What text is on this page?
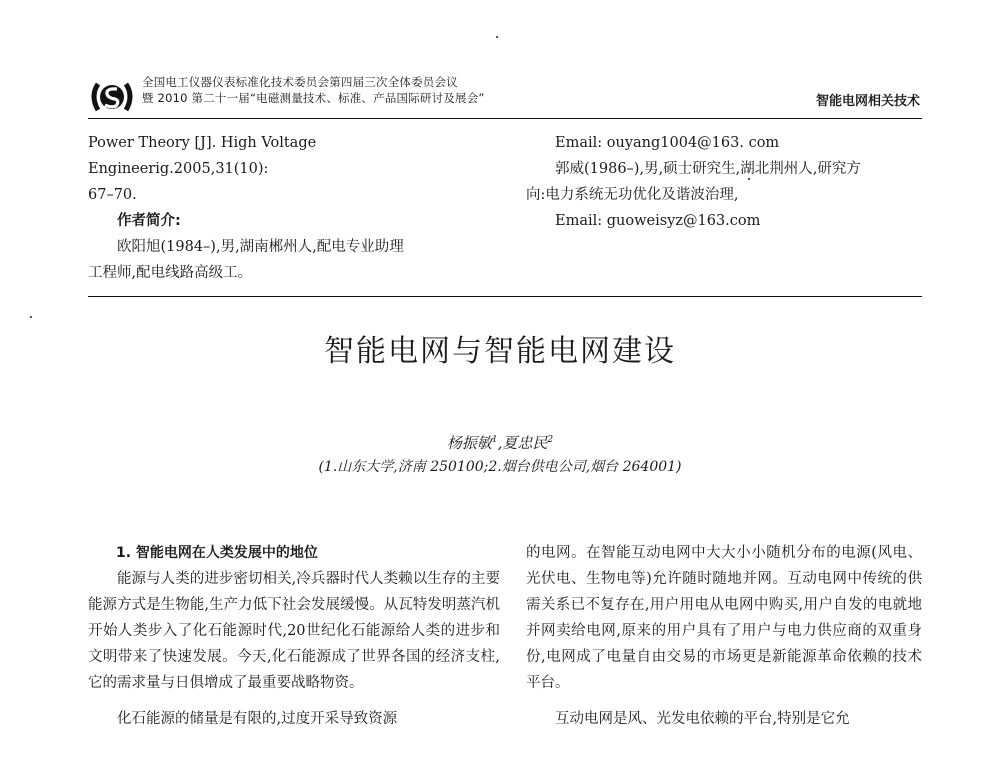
全国电工仪器仪表标准化技术委员会第四届三次全体委员会议
暨 2010 第二十一届“电磁测量技术、标准、产品国际研讨及展会”	智能电网相关技术

Power Theory [J]. High Voltage Engineerig.2005,31(10):

67–70.

作者简介:

欧阳旭(1984–),男,湖南郴州人,配电专业助理

工程师,配电线路高级工。

Email: ouyang1004@163. com

郭威(1986–),男,硕士研究生,湖北荆州人,研究方

向:电力系统无功优化及谐波治理,

Email: guoweisyz@163.com

智能电网与智能电网建设
杨振敏$^1$,夏忠民$^2$
(1.山东大学,济南 250100;2.烟台供电公司,烟台 264001)

1. 智能电网在人类发展中的地位

能源与人类的进步密切相关,冷兵器时代人类赖以生存的主要能源方式是生物能,生产力低下社会发展缓慢。从瓦特发明蒸汽机开始人类步入了化石能源时代,20世纪化石能源给人类的进步和文明带来了快速发展。今天,化石能源成了世界各国的经济支柱,它的需求量与日俱增成了最重要战略物资。

化石能源的储量是有限的,过度开采导致资源

的电网。在智能互动电网中大大小小随机分布的电源(风电、光伏电、生物电等)允许随时随地并网。互动电网中传统的供需关系已不复存在,用户用电从电网中购买,用户自发的电就地并网卖给电网,原来的用户具有了用户与电力供应商的双重身份,电网成了电量自由交易的市场更是新能源革命依赖的技术平台。

互动电网是风、光发电依赖的平台,特别是它允
